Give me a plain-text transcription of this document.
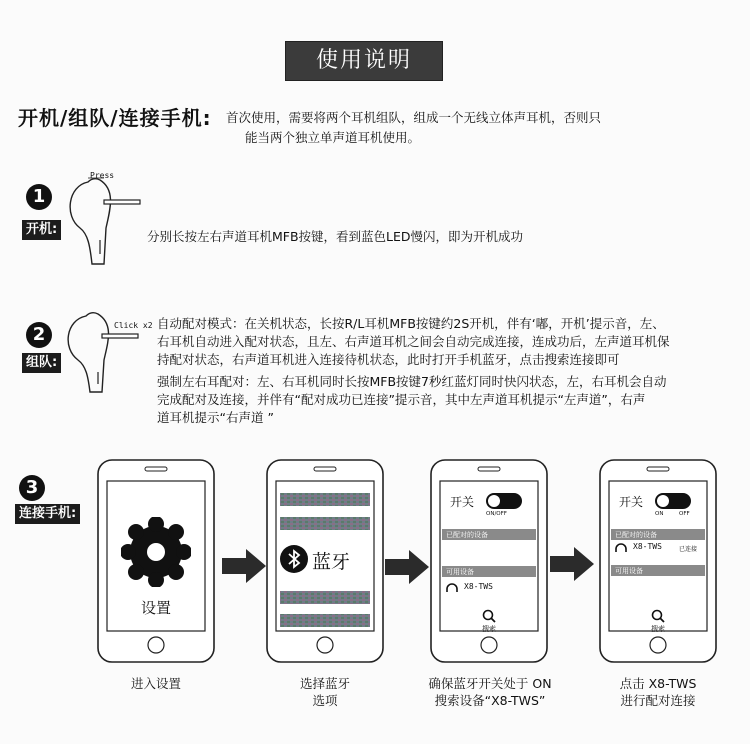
使用说明
开机/组队/连接手机: 首次使用，需要将两个耳机组队，组成一个无线立体声耳机，否则只
能当两个独立单声道耳机使用。
1
开机:
Press
分别长按左右声道耳机MFB按键，看到蓝色LED慢闪，即为开机成功
2
组队:
Click x2 自动配对模式：在关机状态，长按R/L耳机MFB按键约2S开机，伴有‘嘟，开机’提示音，左、
右耳机自动进入配对状态，且左、右声道耳机之间会自动完成连接，连成功后，左声道耳机保
持配对状态，右声道耳机进入连接待机状态，此时打开手机蓝牙，点击搜索连接即可
强制左右耳配对：左、右耳机同时长按MFB按键7秒红蓝灯同时快闪状态，左，右耳机会自动
完成配对及连接，并伴有“配对成功已连接”提示音，其中左声道耳机提示“左声道”，右声
道耳机提示“右声道 ”
3
连接手机:
设置
进入设置
蓝牙
选择蓝牙
选项
开关
ON/OFF
已配对的设备
可用设备
X8-TWS
搜索
确保蓝牙开关处于 ON
搜索设备“X8-TWS”
开关
ON	OFF
已配对的设备
X8-TWS	已连接
可用设备
搜索
点击 X8-TWS
进行配对连接
